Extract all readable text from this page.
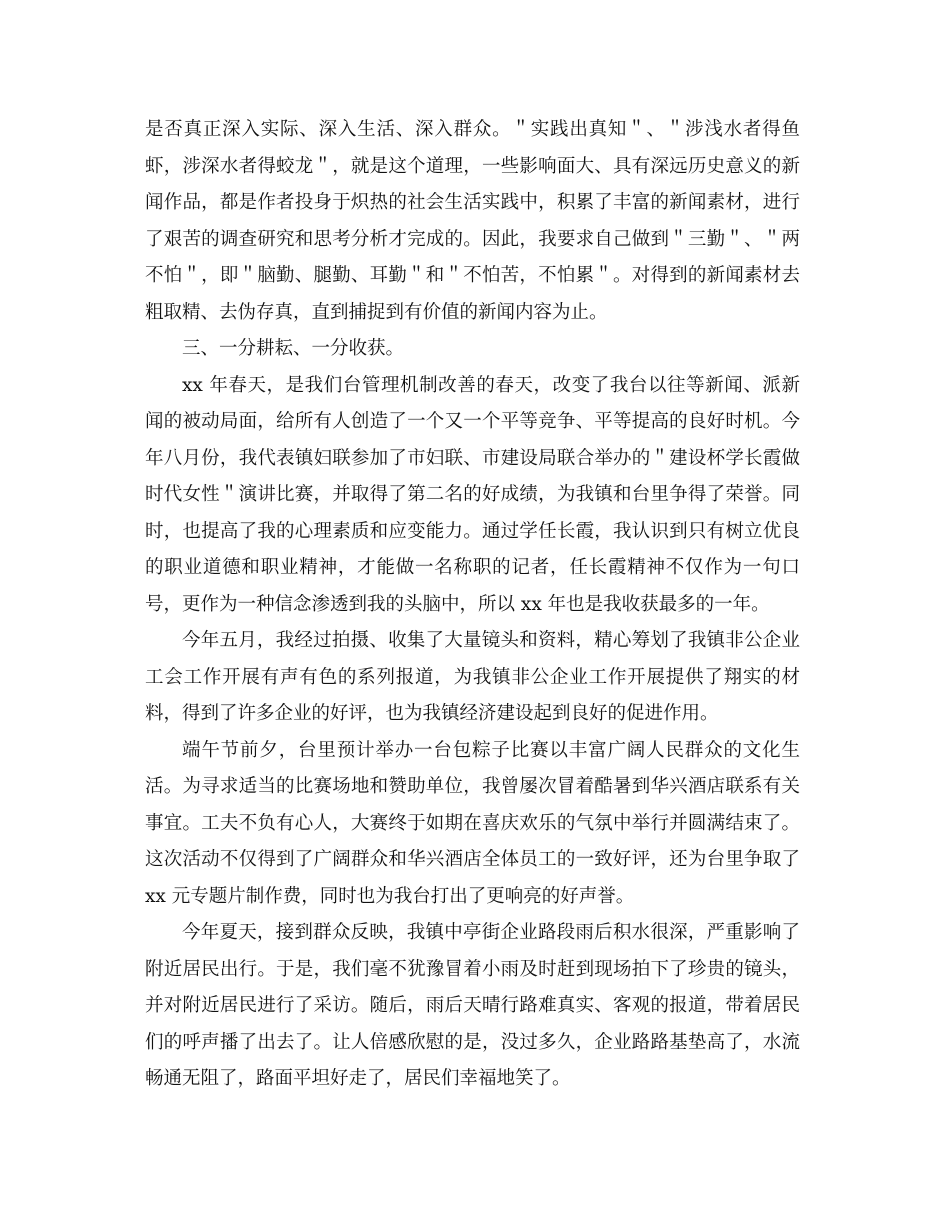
是否真正深入实际、深入生活、深入群众。＂实践出真知＂、＂涉浅水者得鱼虾，涉深水者得蛟龙＂，就是这个道理，一些影响面大、具有深远历史意义的新闻作品，都是作者投身于炽热的社会生活实践中，积累了丰富的新闻素材，进行了艰苦的调查研究和思考分析才完成的。因此，我要求自己做到＂三勤＂、＂两不怕＂，即＂脑勤、腿勤、耳勤＂和＂不怕苦，不怕累＂。对得到的新闻素材去粗取精、去伪存真，直到捕捉到有价值的新闻内容为止。

三、一分耕耘、一分收获。

xx 年春天，是我们台管理机制改善的春天，改变了我台以往等新闻、派新闻的被动局面，给所有人创造了一个又一个平等竞争、平等提高的良好时机。今年八月份，我代表镇妇联参加了市妇联、市建设局联合举办的＂建设杯学长霞做时代女性＂演讲比赛，并取得了第二名的好成绩，为我镇和台里争得了荣誉。同时，也提高了我的心理素质和应变能力。通过学任长霞，我认识到只有树立优良的职业道德和职业精神，才能做一名称职的记者，任长霞精神不仅作为一句口号，更作为一种信念渗透到我的头脑中，所以 xx 年也是我收获最多的一年。

今年五月，我经过拍摄、收集了大量镜头和资料，精心筹划了我镇非公企业工会工作开展有声有色的系列报道，为我镇非公企业工作开展提供了翔实的材料，得到了许多企业的好评，也为我镇经济建设起到良好的促进作用。

端午节前夕，台里预计举办一台包粽子比赛以丰富广阔人民群众的文化生活。为寻求适当的比赛场地和赞助单位，我曾屡次冒着酷暑到华兴酒店联系有关事宜。工夫不负有心人，大赛终于如期在喜庆欢乐的气氛中举行并圆满结束了。这次活动不仅得到了广阔群众和华兴酒店全体员工的一致好评，还为台里争取了 xx 元专题片制作费，同时也为我台打出了更响亮的好声誉。

今年夏天，接到群众反映，我镇中亭街企业路段雨后积水很深，严重影响了附近居民出行。于是，我们毫不犹豫冒着小雨及时赶到现场拍下了珍贵的镜头，并对附近居民进行了采访。随后，雨后天晴行路难真实、客观的报道，带着居民们的呼声播了出去了。让人倍感欣慰的是，没过多久，企业路路基垫高了，水流畅通无阻了，路面平坦好走了，居民们幸福地笑了。
